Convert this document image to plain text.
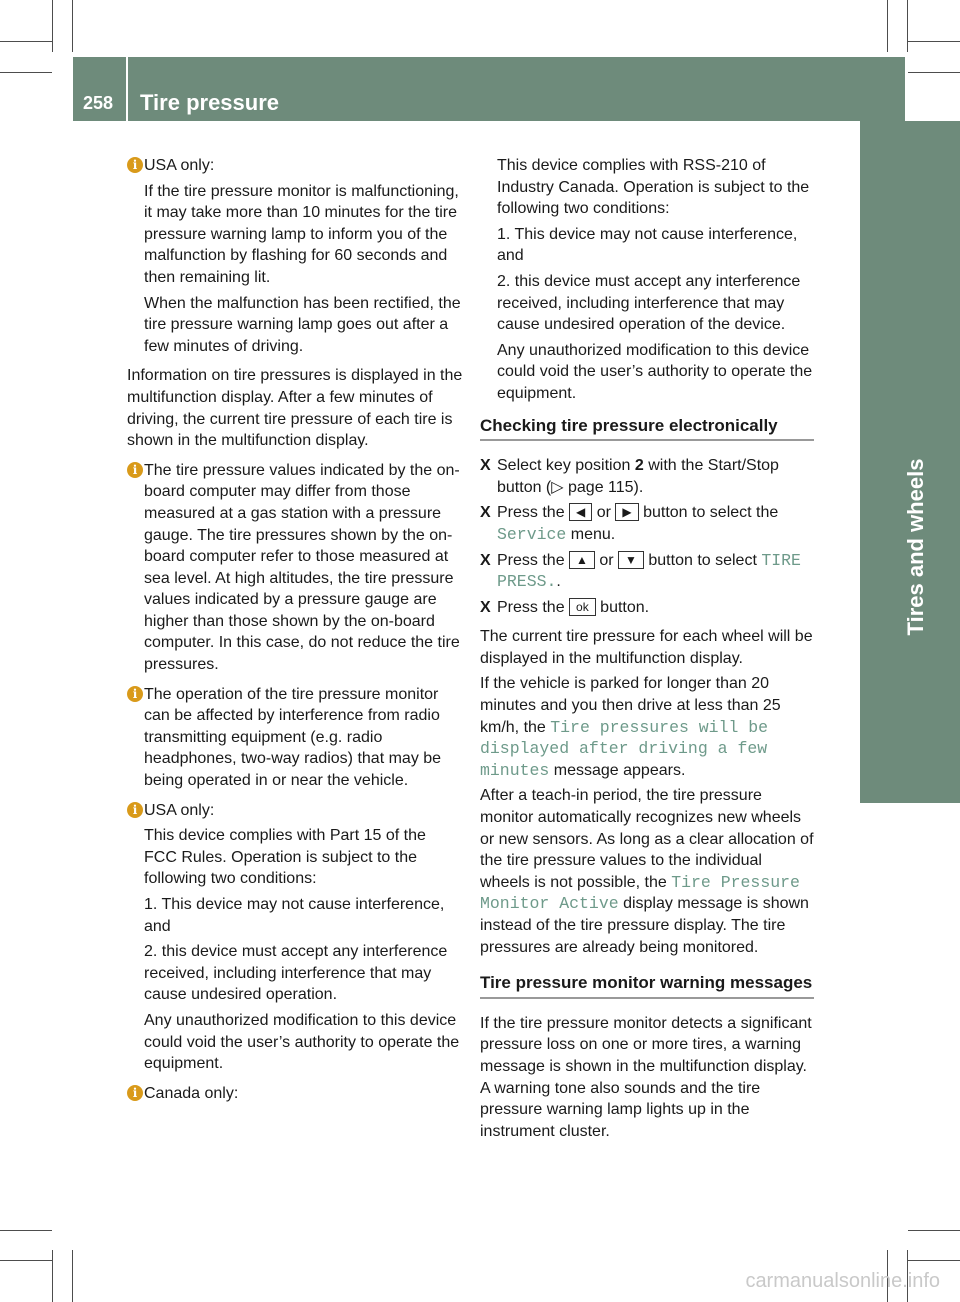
258 Tire pressure
Tires and wheels
i USA only:

If the tire pressure monitor is malfunctioning, it may take more than 10 minutes for the tire pressure warning lamp to inform you of the malfunction by flashing for 60 seconds and then remaining lit.

When the malfunction has been rectified, the tire pressure warning lamp goes out after a few minutes of driving.

Information on tire pressures is displayed in the multifunction display. After a few minutes of driving, the current tire pressure of each tire is shown in the multifunction display.

i The tire pressure values indicated by the on-board computer may differ from those measured at a gas station with a pressure gauge. The tire pressures shown by the on-board computer refer to those measured at sea level. At high altitudes, the tire pressure values indicated by a pressure gauge are higher than those shown by the on-board computer. In this case, do not reduce the tire pressures.

i The operation of the tire pressure monitor can be affected by interference from radio transmitting equipment (e.g. radio headphones, two-way radios) that may be being operated in or near the vehicle.

i USA only:

This device complies with Part 15 of the FCC Rules. Operation is subject to the following two conditions:

1. This device may not cause interference, and

2. this device must accept any interference received, including interference that may cause undesired operation.

Any unauthorized modification to this device could void the user’s authority to operate the equipment.

i Canada only:

This device complies with RSS-210 of Industry Canada. Operation is subject to the following two conditions:

1. This device may not cause interference, and

2. this device must accept any interference received, including interference that may cause undesired operation of the device.

Any unauthorized modification to this device could void the user’s authority to operate the equipment.

Checking tire pressure electronically
X Select key position 2 with the Start/Stop button (▷ page 115).
X Press the ◀ or ▶ button to select the Service menu.
X Press the ▲ or ▼ button to select TIRE PRESS..
X Press the ok button.

The current tire pressure for each wheel will be displayed in the multifunction display.

If the vehicle is parked for longer than 20 minutes and you then drive at less than 25 km/h, the Tire pressures will be displayed after driving a few minutes message appears.

After a teach-in period, the tire pressure monitor automatically recognizes new wheels or new sensors. As long as a clear allocation of the tire pressure values to the individual wheels is not possible, the Tire Pressure Monitor Active display message is shown instead of the tire pressure display. The tire pressures are already being monitored.

Tire pressure monitor warning messages

If the tire pressure monitor detects a significant pressure loss on one or more tires, a warning message is shown in the multifunction display. A warning tone also sounds and the tire pressure warning lamp lights up in the instrument cluster.

carmanualsonline.info
